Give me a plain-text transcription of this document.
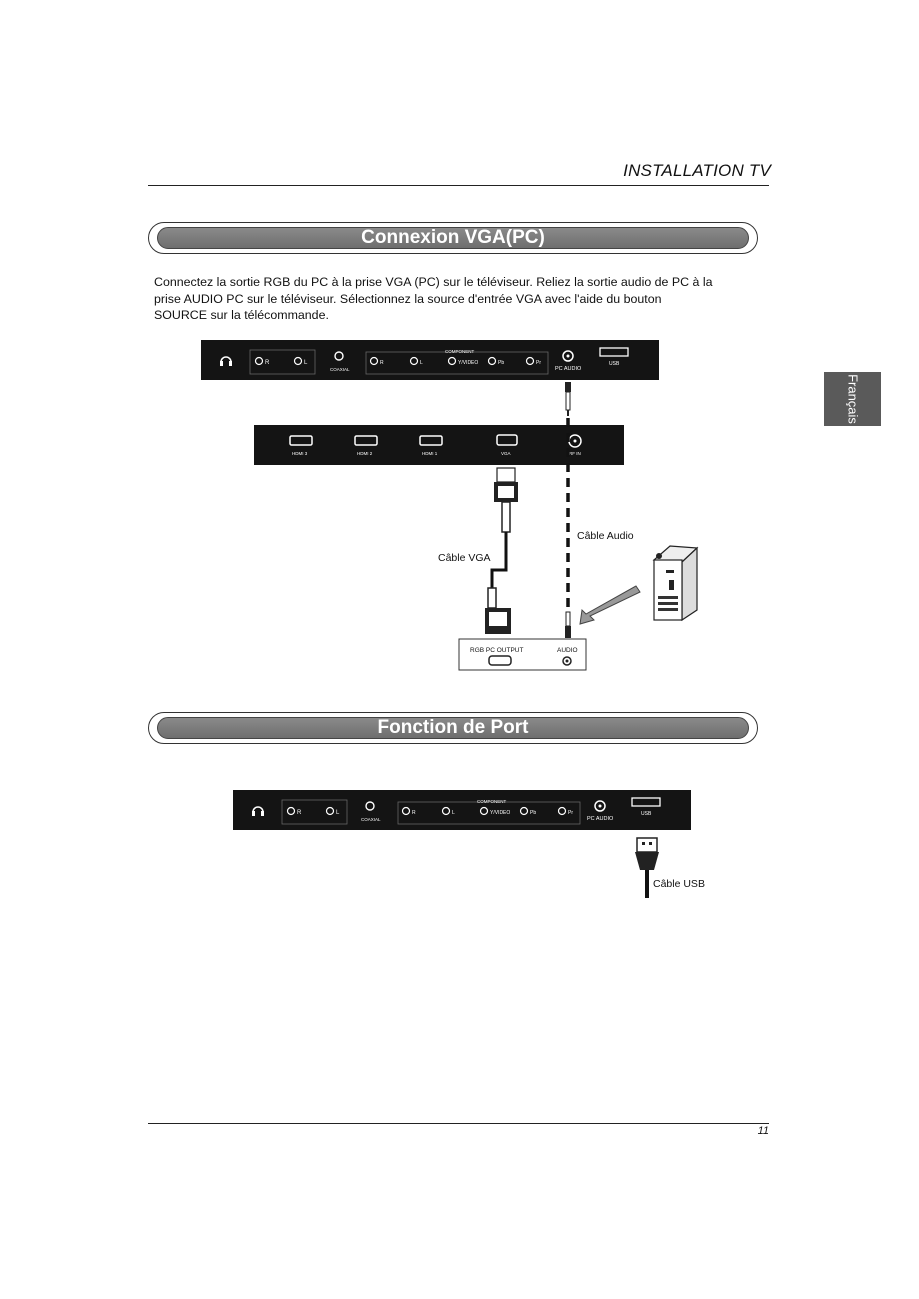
INSTALLATION TV
Français
Connexion VGA(PC)
Connectez la sortie RGB du PC à la prise VGA (PC) sur le téléviseur. Reliez la sortie audio de PC à la prise AUDIO PC sur le téléviseur. Sélectionnez la source d'entrée VGA avec l'aide du bouton SOURCE sur la télécommande.
R	L
COAXIAL
COMPONENT
R	L	Y/VIDEO	Pb	Pr
PC AUDIO
USB
HDMI 3	HDMI 2	HDMI 1	VGA	RF IN
Câble VGA
Câble Audio
RGB PC OUTPUT	AUDIO
Fonction de Port
R	L
COAXIAL
COMPONENT
R	L	Y/VIDEO	Pb	Pr
PC AUDIO
USB
Câble USB
11
